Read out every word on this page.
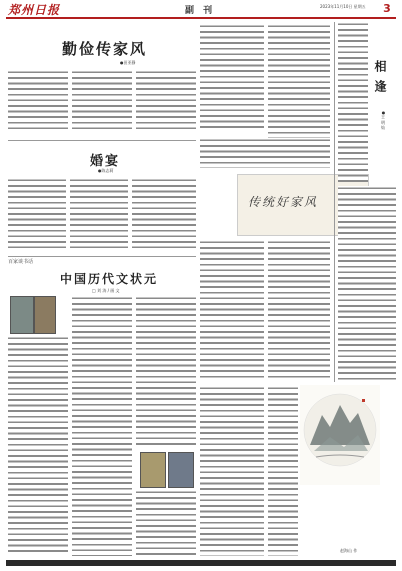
郑州日报	副 刊	2023年11月10日 星期五 3
勤俭传家风
●田亚静
传统好家风
婚宴
●陈志莉
百家谈书话
中国历代文状元
□ 刘 涛 / 画 文
相逢
●王 明 灿
赵海山 作
